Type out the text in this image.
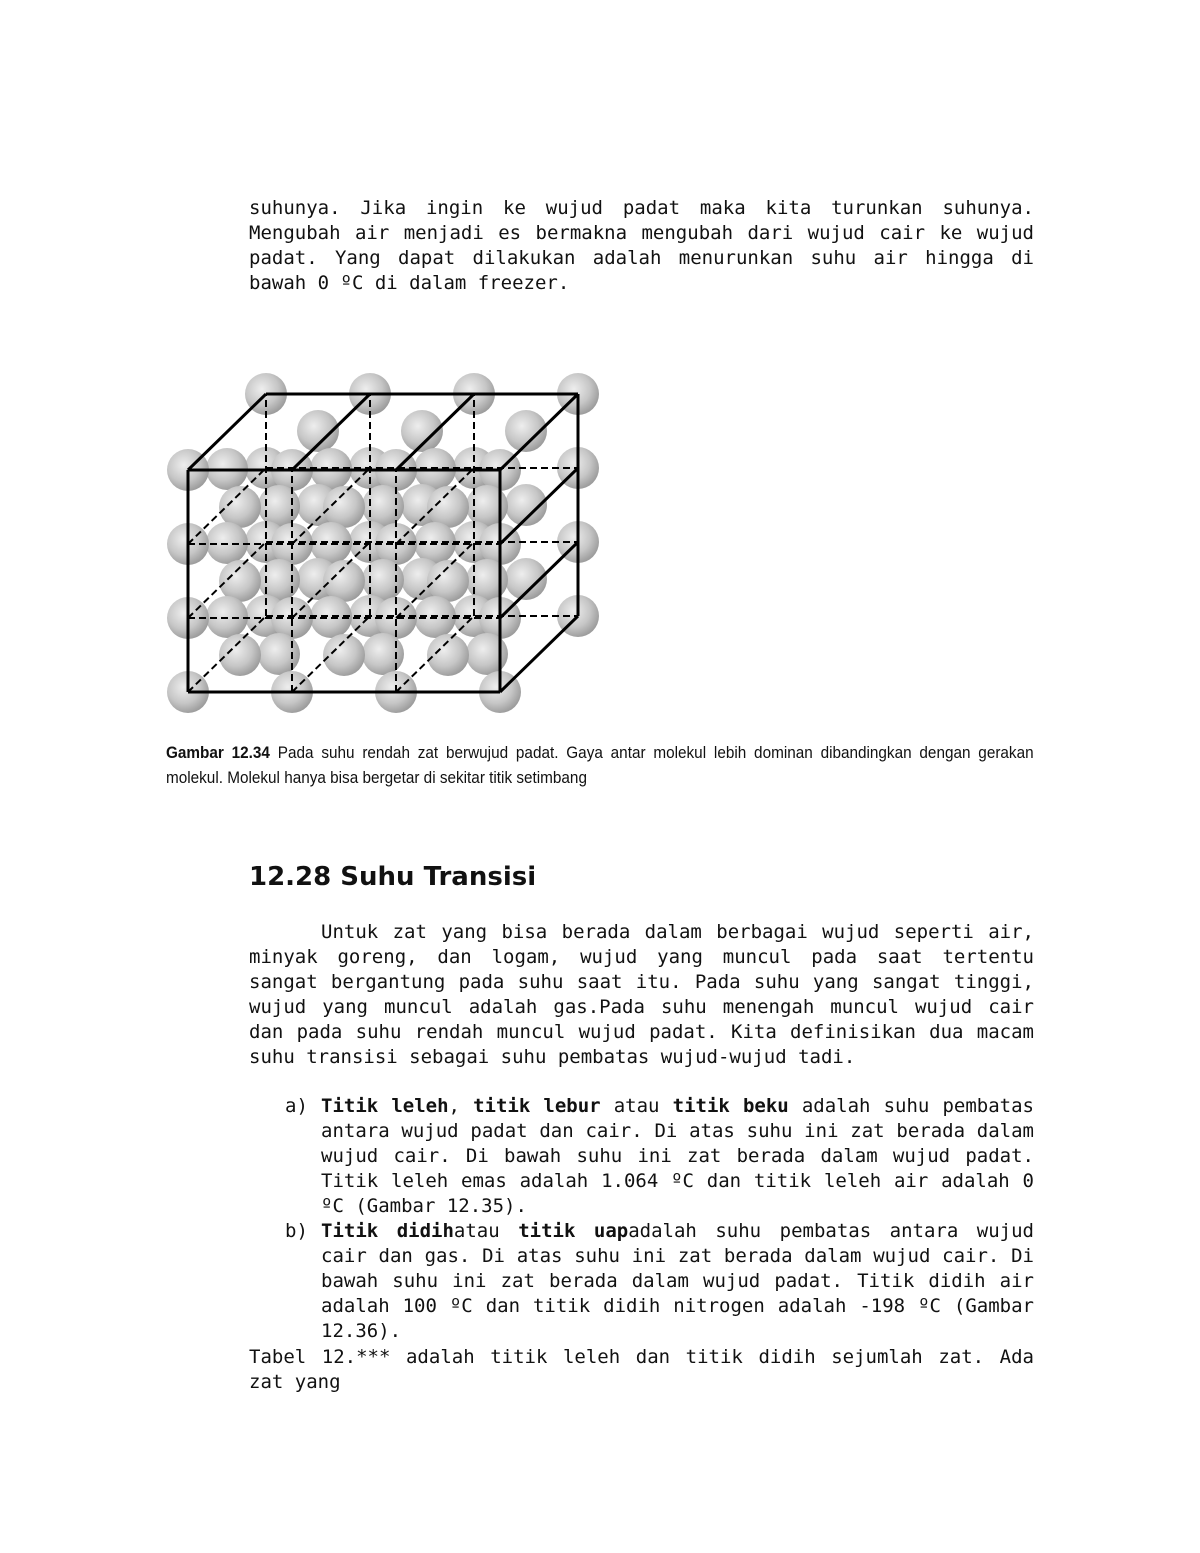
suhunya. Jika ingin ke wujud padat maka kita turunkan suhunya. Mengubah air menjadi es bermakna mengubah dari wujud cair ke wujud padat. Yang dapat dilakukan adalah menurunkan suhu air hingga di bawah 0 ºC di dalam freezer.

Gambar 12.34 Pada suhu rendah zat berwujud padat. Gaya antar molekul lebih dominan dibandingkan dengan gerakan molekul. Molekul hanya bisa bergetar di sekitar titik setimbang

12.28 Suhu Transisi

Untuk zat yang bisa berada dalam berbagai wujud seperti air, minyak goreng, dan logam, wujud yang muncul pada saat tertentu sangat bergantung pada suhu saat itu. Pada suhu yang sangat tinggi, wujud yang muncul adalah gas.Pada suhu menengah muncul wujud cair dan pada suhu rendah muncul wujud padat. Kita definisikan dua macam suhu transisi sebagai suhu pembatas wujud-wujud tadi.

a) Titik leleh, titik lebur atau titik beku adalah suhu pembatas antara wujud padat dan cair. Di atas suhu ini zat berada dalam wujud cair. Di bawah suhu ini zat berada dalam wujud padat. Titik leleh emas adalah 1.064 ºC dan titik leleh air adalah 0 ºC (Gambar 12.35).
b) Titik didihatau titik uapadalah suhu pembatas antara wujud cair dan gas. Di atas suhu ini zat berada dalam wujud cair. Di bawah suhu ini zat berada dalam wujud padat. Titik didih air adalah 100 ºC dan titik didih nitrogen adalah -198 ºC (Gambar 12.36).

Tabel 12.*** adalah titik leleh dan titik didih sejumlah zat. Ada zat yang
